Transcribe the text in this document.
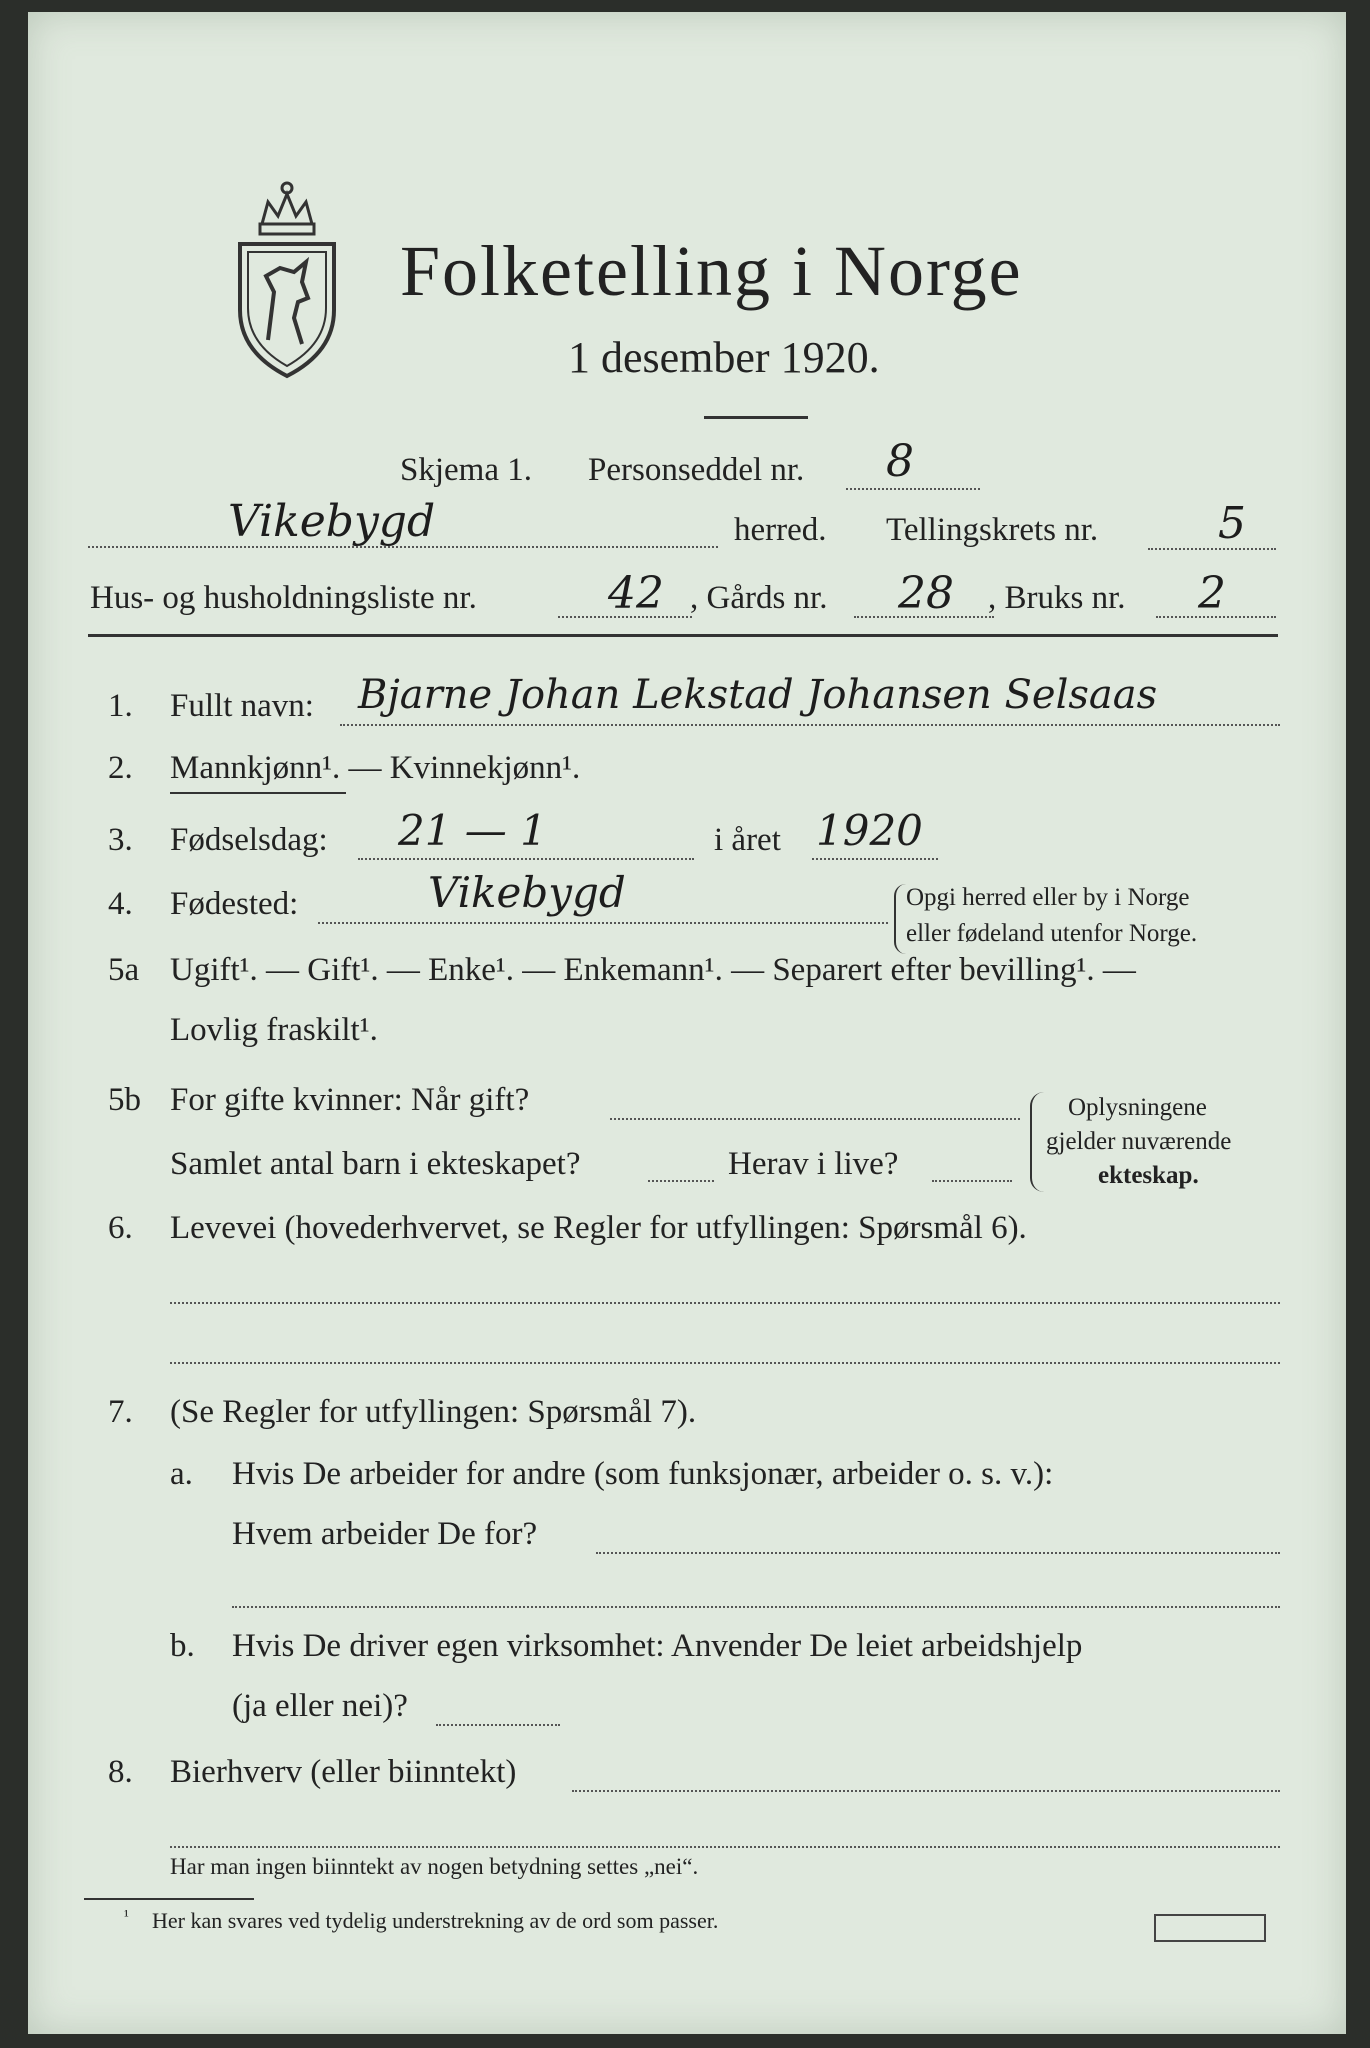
Folketelling i Norge
1 desember 1920.
Skjema 1. Personseddel nr. 8
Vikebygd	herred. Tellingskrets nr.	5
Hus- og husholdningsliste nr.	42 , Gårds nr. 28 , Bruks nr. 2
1. Fullt navn: Bjarne Johan Lekstad Johansen Selsaas
2. Mannkjønn¹. — Kvinnekjønn¹.
3. Fødselsdag: 21 — 1	i året 1920
4. Fødested:	Vikebygd	Opgi herred eller by i Norge
eller fødeland utenfor Norge.
5a Ugift¹. — Gift¹. — Enke¹. — Enkemann¹. — Separert efter bevilling¹. —
Lovlig fraskilt¹.
5b For gifte kvinner: Når gift?
Samlet antal barn i ekteskapet?	Herav i live?
Oplysningene
gjelder nuværende
ekteskap.
6. Levevei (hovederhvervet, se Regler for utfyllingen: Spørsmål 6).
7. (Se Regler for utfyllingen: Spørsmål 7).
a. Hvis De arbeider for andre (som funksjonær, arbeider o. s. v.):
Hvem arbeider De for?
b. Hvis De driver egen virksomhet: Anvender De leiet arbeidshjelp
(ja eller nei)?
8. Bierhverv (eller biinntekt)
Har man ingen biinntekt av nogen betydning settes „nei“.
¹ Her kan svares ved tydelig understrekning av de ord som passer.
